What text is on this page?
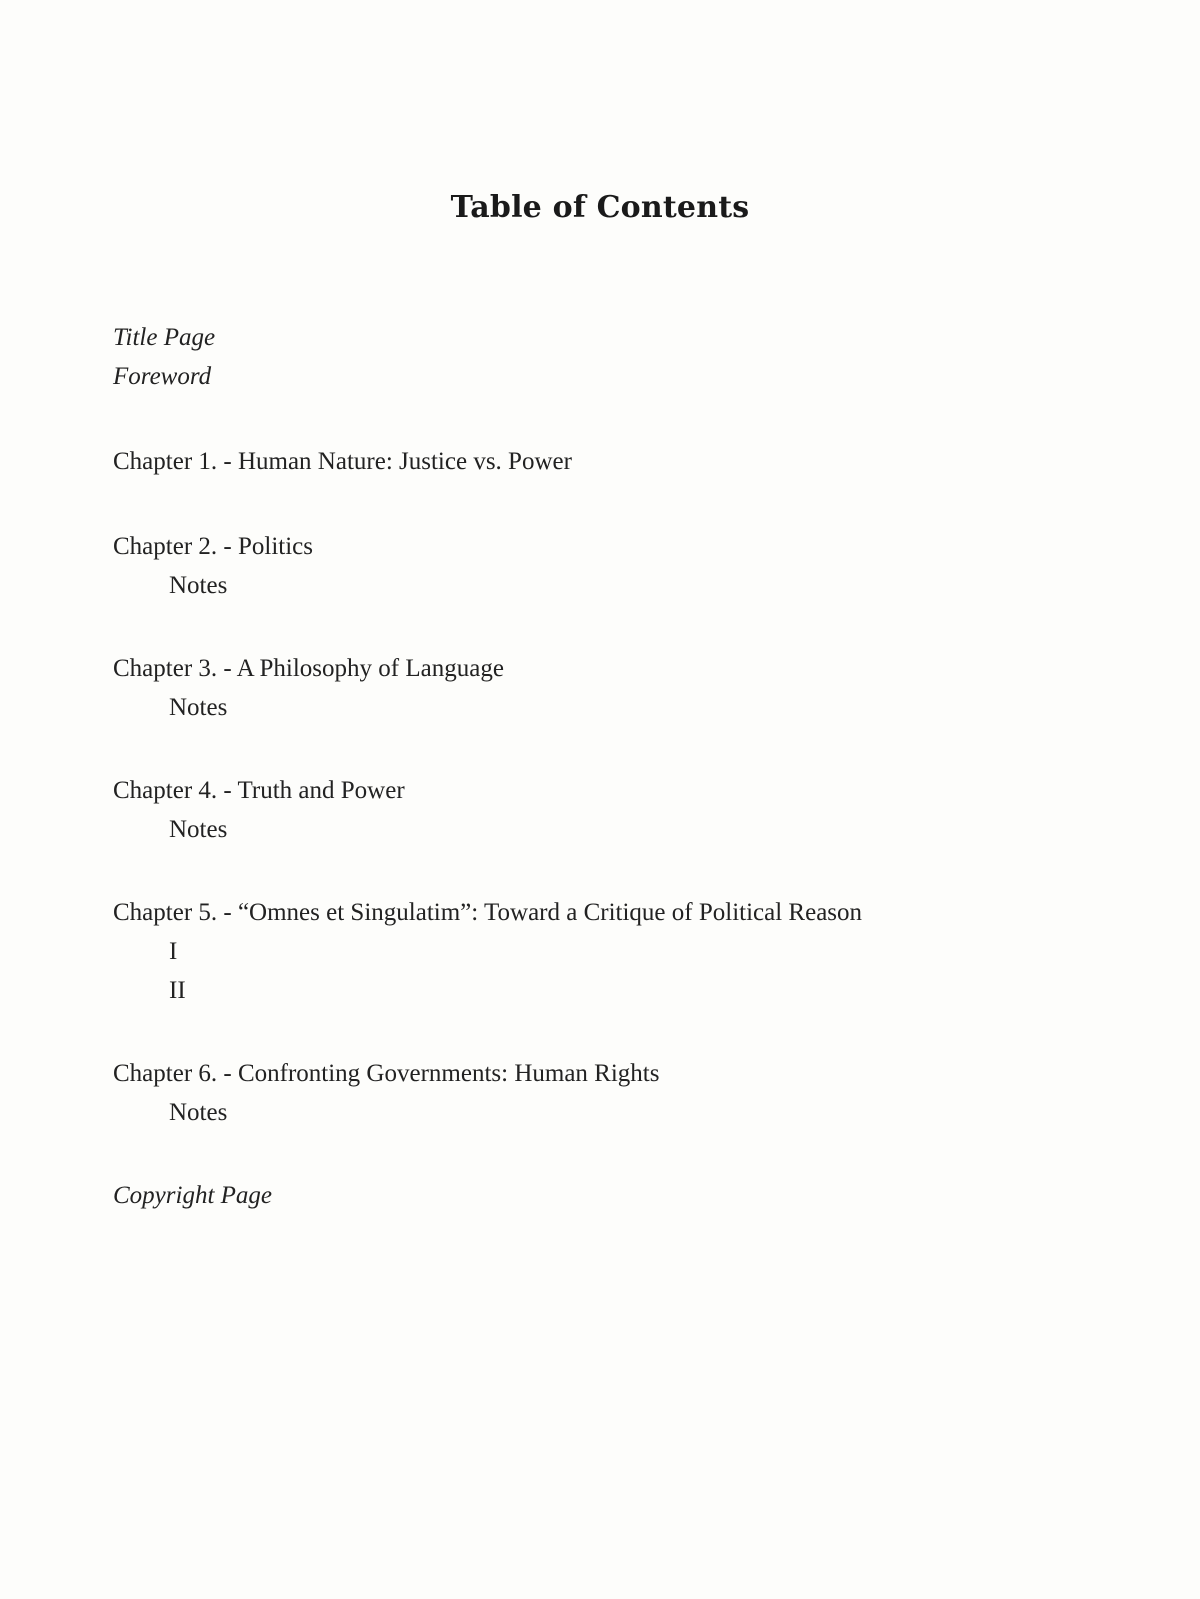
Table of Contents
Title Page
Foreword
Chapter 1. - Human Nature: Justice vs. Power
Chapter 2. - Politics
Notes
Chapter 3. - A Philosophy of Language
Notes
Chapter 4. - Truth and Power
Notes
Chapter 5. - “Omnes et Singulatim”: Toward a Critique of Political Reason
I
II
Chapter 6. - Confronting Governments: Human Rights
Notes
Copyright Page
